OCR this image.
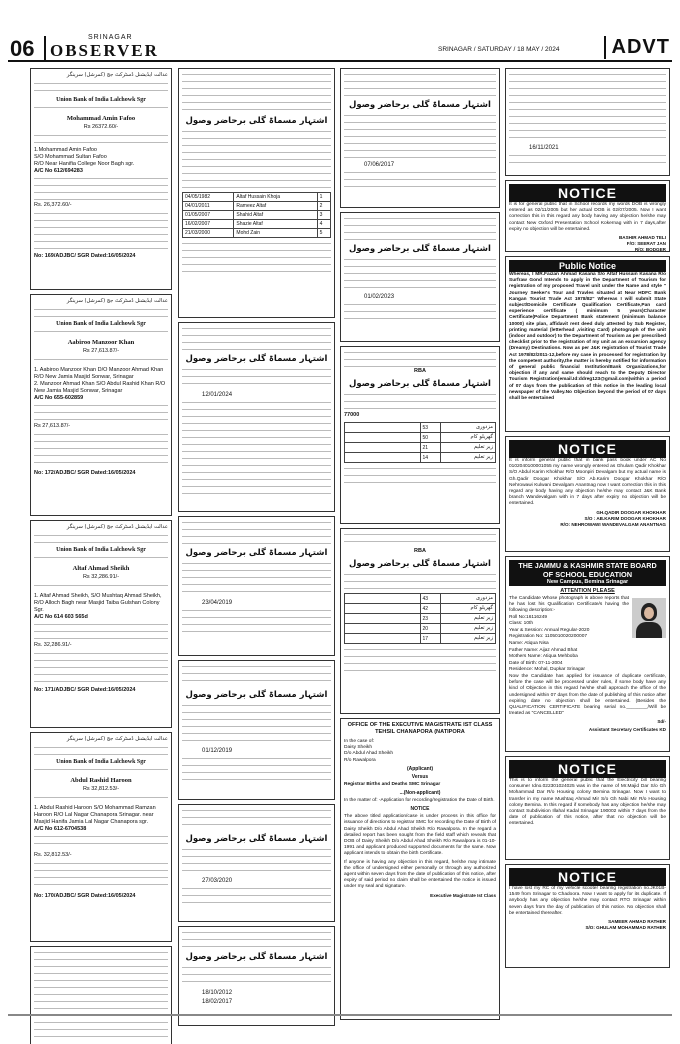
06	SRINAGAR
OBSERVER	SRINAGAR / SATURDAY / 18 MAY / 2024	ADVT
عدالت ایڈیشنل ڈسٹرکٹ جج (کمرشل) سرینگر
Union Bank of India Lalchowk Sgr
Mohammad Amin Fafoo
Rs 26372.60/-
1.Mohammad Amin Fafoo
S/O Mohammad Sultan Fafoo
R/O Near Hanifia College Noor Bagh sgr.
A/C No 612/694283
Rs. 26,372.60/-
No: 169/ADJBC/ SGR Dated:16/05/2024
عدالت ایڈیشنل ڈسٹرکٹ جج (کمرشل) سرینگر
Union Bank of India Lalchowk Sgr
Aabiroo Manzoor Khan
Rs 27,613.87/-
1. Aabiroo Manzoor Khan D/O Manzoor Ahmad Khan R/O New Jamia Masjid Sonwar, Srinagar
2. Manzoor Ahmad Khan S/O Abdul Rashid Khan R/O New Jamia Masjid Sonwar, Srinagar
A/C No 655-602859
Rs 27,613.87/-
No: 172/ADJBC/ SGR Dated:16/05/2024
عدالت ایڈیشنل ڈسٹرکٹ جج (کمرشل) سرینگر
Union Bank of India Lalchowk Sgr
Altaf Ahmad Sheikh
Rs 32,286.91/-
1. Altaf Ahmad Sheikh, S/O Mushtaq Ahmad Sheikh, R/O Alloch Bagh near Masjid Taiba Gulshan Colony Sgr.
A/C No 614 603 565d
Rs. 32,286.91/-
No: 171/ADJBC/ SGR Dated:16/05/2024
عدالت ایڈیشنل ڈسٹرکٹ جج (کمرشل) سرینگر
Union Bank of India Lalchowk Sgr
Abdul Rashid Haroon
Rs 32,812.53/-
1. Abdul Rashid Haroon S/O Mohammad Ramzan Haroon R/O Lal Nagar Chanapora Srinagar. near Masjid Hanifa Jamia Lal Nagar Chanapora sgr.
A/C No 612-6704538
Rs. 32,812.53/-
No: 170/ADJBC/ SGR Dated:16/05/2024
اشتہار مسماۃ گلی برحاضر وصول
04/05/1982	Altaf Hussain Khoja	1
04/01/2011	Rameez Altaf	2
01/05/2007	Shahid Altaf	3
16/02/2007	Shazie Altaf	4
21/03/2000	Mohd Zain	5
اشتہار مسماۃ گلی برحاضر وصول
12/01/2024
اشتہار مسماۃ گلی برحاضر وصول
23/04/2019
اشتہار مسماۃ گلی برحاضر وصول
01/12/2019
اشتہار مسماۃ گلی برحاضر وصول
27/03/2020
اشتہار مسماۃ گلی برحاضر وصول
18/10/2012
18/02/2017
اشتہار مسماۃ گلی برحاضر وصول
07/06/2017
اشتہار مسماۃ گلی برحاضر وصول
01/02/2023
RBA
اشتہار مسماۃ گلی برحاضر وصول
77000
	53	مزدوری
	50	گھریلو کام
	21	زیر تعلیم
	14	زیر تعلیم
RBA
اشتہار مسماۃ گلی برحاضر وصول
	43	مزدوری
	42	گھریلو کام
	23	زیر تعلیم
	20	زیر تعلیم
	17	زیر تعلیم
OFFICE OF THE EXECUTIVE MAGISTRATE IST CLASS TEHSIL CHANAPORA (NATIPORA
In the case of:
Daisy Sheikh
D/o Abdul Ahad Sheikh
R/o Rawalpora
(Applicant)
Versus
Registrar Births and Deaths SMC Srinagar
...(Non-applicant)
In the matter of: -Application for recording/registration the Date of Birth.
NOTICE
The above titled application/case is under process in this office for issuance of directions to registrar SMC for recording the Date of Birth of Daisy Sheikh D/o Abdul Ahad Sheikh R/o Rawalpora. In the regard a detailed report has been sought from the field staff which reveals that DOB of Daisy Sheikh D/o Abdul Ahad Sheikh R/o Rawalpora is 01-10-1991 and applicant produced supported documents for the same. Now applicant intends to obtain the birth Certificate.
If anyone is having any objection in this regard, he/she may intimate the office of undersigned either personally or through any authorized agent within seven days from the date of publication of this notice, after expiry of said period no claim shall be entertained the notice is issued under my seal and signature.
Executive Magistrate Ist Class
16/11/2021
NOTICE
It is for general public that in School records my words DOB is wrongly entered as 02/11/2005 but her actual DOB is 02/07/2005. Now I want correction this in this regard any body having any objection he/she may contact New Oxford Presentation School Kokernag with in 7 days,after expiry no objection will be entertained.
BASHIR AHMAD TELI
F/O: SEERAT JAN
R/O: BODGER
Public Notice
Whereas, I MR.Faizan Ahmad Kasana S/o Altaf Hussain Kasana R/o Surfraw Gond Intends to apply in the Department of Tourism for registration of my proposed Travel unit under the Name and style " Journey Seeker's Tour and Travles situated at Near HDFC Bank Kangan Tourist Trade Act 1978/82" Whereas I will submit State subject/Domicile Certificate Qualification Certificate,Pan card experience certificate ( minimum 5 years)Character Certificate(Police Department Bank statement (minimum balance 10000) site plan, affidavit rent deed duly attested by Sub Register, printing material (letterhead ,visiting Card) photograph of the unit (indoor and outdoor) to the Department of Tourism as per prescribed checklist prior to the registration of my unit as an excursion agency (Dreamy) Destinations. Now as per J&K registration of Tourist Trade Act 1978/82/2011-12,before my case in processed for registration by the competent authority,the matter is hereby notified for information of general public financial Institution/Bank Organizations,for objection if any and same should reach to the Deputy Director Tourism Registration(email.Id:ddreg123@gmail.com)within a period of 07 days from the publication of this notice in the leading local newspaper of the Valley.No Objection beyond the period of 07 days shall be entertained
NOTICE
It is inform general public that in bank pass book under AC No 0102040100001055 my name wrongly entered as Ghulam Qadir Khokhar S/O Abdul Karim Khokhar R/O Moonpiri Devalgam but my actual name is Gh.Qadir Doogar Khokhar S/O Ab.Karim Doogar Khokhar R/O Nehrowawi Kulwani Devalgam Anantnag now I want correction this in this regard any body having any objection he/she may contact J&K Bank branch Wandevalgam with in 7 days after expiry no objection will be entertained.
GH.QADIR DOOGAR KHOKHAR
S/O : AB.KARIM DOOGAR KHOKHAR
R/O: NEHROWAWI WANDEVALGAM ANANTNAG
THE JAMMU & KASHMIR STATE BOARD
OF SCHOOL EDUCATION
New Campus, Bemina Srinagar
ATTENTION PLEASE
The Candidate Whose photograph is above reports that he has lost his Qualification Certificate/s having the following description:-
Roll No:16116249
Class: 10th
Year & Session: Annual Regular-2020
Registration No: 1105010020200007
Name: Atiqua Nisa
Father Name: Aijaz Ahmad Bhat
Mothers Name: Atiqua Mehboba
Date of Birth: 07-11-2004
Residence: Mohal, Dupkar Srinagar
Now the Candidate has applied for issuance of duplicate certificate, before the case will be processed under rules, if some body have any kind of Objection in this regard he/she shall approach the office of the undersigned within 07 days from the date of publishing of this notice after expiring date no objection shall be entertained. (Besides the QUALIFICATION CERTIFICATE bearing serial no.________/Will be treated as "CANCELLED"
Sd/-
Assistant Secretary Certificates KD
NOTICE
This is to inform the general public that the Electricity bill bearing consumer Idno.022301024025 was in the name of Mr.Majid Dar S/o Gh Mohammad Dar R/o Housing colony Bemina Srinagar. Now I want to transfer in my name Mushtaq Ahmad Mir S/o Gh Nabi Mir R/o Housing colony Bemina. In this regard if somebody has any objection he/she may contact Subdivision Illahal Kadal Srinagar 190002 within 7 days from the date of publication of this notice, after that no objection will be entertained.
NOTICE
I have lost my RC of my vehicle scooter bearing registration no.JK01B-1549 from Srinagar to Chadoora. Now I want to apply for its duplicate. If anybody has any objection he/she may contact RTO Srinagar within seven days from the day of publication of this notice. No objection shall be entertained thereafter.
SAMEER AHMAD RATHER
S/O: GHULAM MOHAMMAD RATHER
